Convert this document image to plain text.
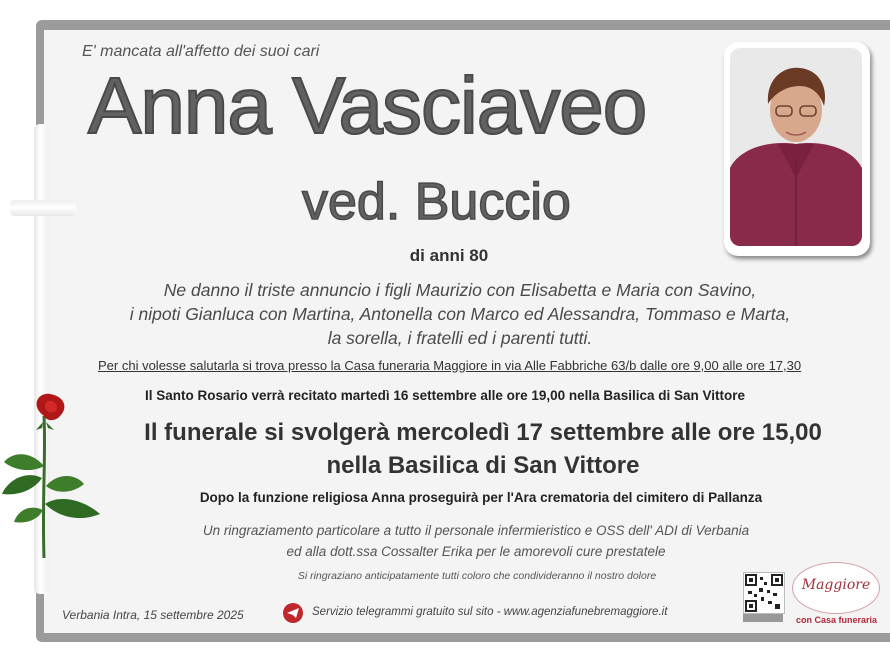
E' mancata all'affetto dei suoi cari
Anna Vasciaveo
ved. Buccio
di anni 80

Ne danno il triste annuncio i figli Maurizio con Elisabetta e Maria con Savino,

i nipoti Gianluca con Martina, Antonella con Marco ed Alessandra, Tommaso e Marta,

la sorella, i fratelli ed i parenti tutti.

Per chi volesse salutarla si trova presso la Casa funeraria Maggiore in via Alle Fabbriche 63/b dalle ore 9,00 alle ore 17,30
Il Santo Rosario verrà recitato martedì 16 settembre alle ore 19,00 nella Basilica di San Vittore

Il funerale si svolgerà mercoledì 17 settembre alle ore 15,00

nella Basilica di San Vittore

Dopo la funzione religiosa Anna proseguirà per l'Ara crematoria del cimitero di Pallanza

Un ringraziamento particolare a tutto il personale infermieristico e OSS dell' ADI di Verbania

ed alla dott.ssa Cossalter Erika per le amorevoli cure prestatele

Si ringraziano anticipatamente tutti coloro che condivideranno il nostro dolore
Verbania Intra, 15 settembre 2025	Servizio telegrammi gratuito sul sito - www.agenziafunebremaggiore.it
Maggiore
con Casa funeraria
